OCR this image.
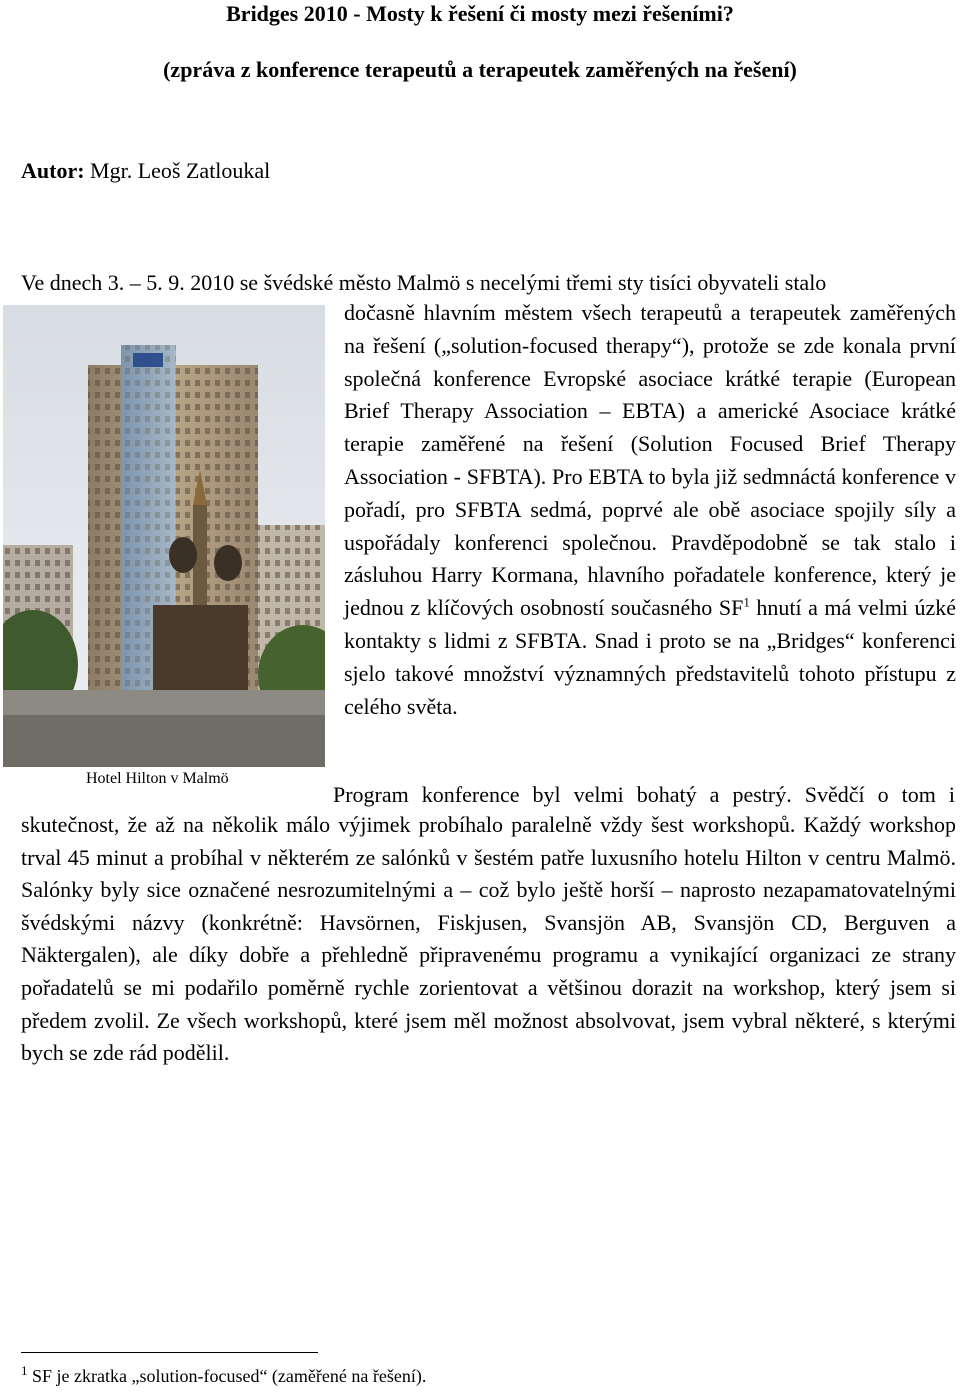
Bridges 2010 - Mosty k řešení či mosty mezi řešeními?
(zpráva z konference terapeutů a terapeutek zaměřených na řešení)

Autor: Mgr. Leoš Zatloukal

Ve dnech 3. – 5. 9. 2010 se švédské město Malmö s necelými třemi sty tisíci obyvateli stalo

Hotel Hilton v Malmö

dočasně hlavním městem všech terapeutů a terapeutek zaměřených na řešení („solution-focused therapy“), protože se zde konala první společná konference Evropské asociace krátké terapie (European Brief Therapy Association – EBTA) a americké Asociace krátké terapie zaměřené na řešení (Solution Focused Brief Therapy Association - SFBTA). Pro EBTA to byla již sedmnáctá konference v pořadí, pro SFBTA sedmá, poprvé ale obě asociace spojily síly a uspořádaly konferenci společnou. Pravděpodobně se tak stalo i zásluhou Harry Kormana, hlavního pořadatele konference, který je jednou z klíčových osobností současného $SF^1$ hnutí a má velmi úzké kontakty s lidmi z SFBTA. Snad i proto se na „Bridges“ konferenci sjelo takové množství významných představitelů tohoto přístupu z celého světa.

Program konference byl velmi bohatý a pestrý. Svědčí o tom i

skutečnost, že až na několik málo výjimek probíhalo paralelně vždy šest workshopů. Každý workshop trval 45 minut a probíhal v některém ze salónků v šestém patře luxusního hotelu Hilton v centru Malmö. Salónky byly sice označené nesrozumitelnými a – což bylo ještě horší – naprosto nezapamatovatelnými švédskými názvy (konkrétně: Havsörnen, Fiskjusen, Svansjön AB, Svansjön CD, Berguven a Näktergalen), ale díky dobře a přehledně připravenému programu a vynikající organizaci ze strany pořadatelů se mi podařilo poměrně rychle zorientovat a většinou dorazit na workshop, který jsem si předem zvolil. Ze všech workshopů, které jsem měl možnost absolvovat, jsem vybral některé, s kterými bych se zde rád podělil.

$^1$ SF je zkratka „solution-focused“ (zaměřené na řešení).
